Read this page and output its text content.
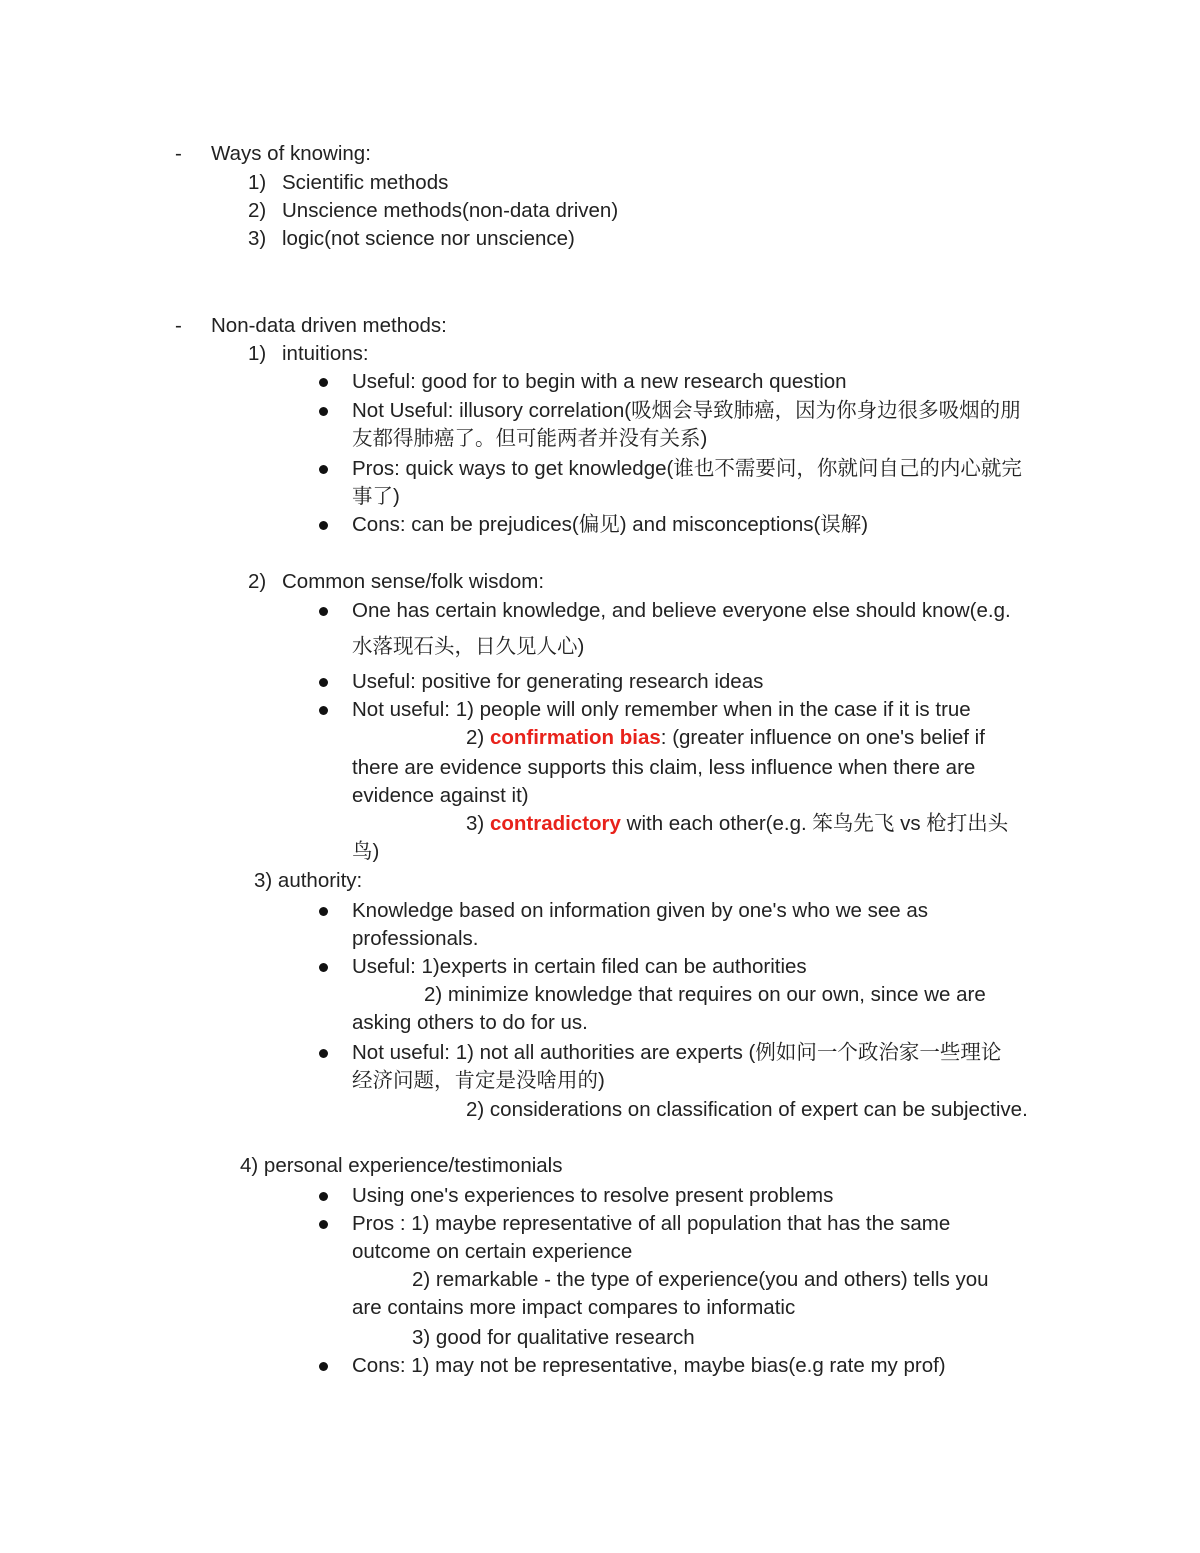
- Ways of knowing:
1) Scientific methods
2) Unscience methods(non-data driven)
3) logic(not science nor unscience)
- Non-data driven methods:
1) intuitions:
Useful: good for to begin with a new research question
Not Useful: illusory correlation(吸烟会导致肺癌，因为你身边很多吸烟的朋
友都得肺癌了。但可能两者并没有关系)
Pros: quick ways to get knowledge(谁也不需要问，你就问自己的内心就完
事了)
Cons: can be prejudices(偏见) and misconceptions(误解)
2) Common sense/folk wisdom:
One has certain knowledge, and believe everyone else should know(e.g.
水落现石头，日久见人心)
Useful: positive for generating research ideas
Not useful: 1) people will only remember when in the case if it is true
2) confirmation bias: (greater influence on one's belief if
there are evidence supports this claim, less influence when there are
evidence against it)
3) contradictory with each other(e.g. 笨鸟先飞 vs 枪打出头
鸟)
3) authority:
Knowledge based on information given by one's who we see as
professionals.
Useful: 1)experts in certain filed can be authorities
2) minimize knowledge that requires on our own, since we are
asking others to do for us.
Not useful: 1) not all authorities are experts (例如问一个政治家一些理论
经济问题，肯定是没啥用的)
2) considerations on classification of expert can be subjective.
4) personal experience/testimonials
Using one's experiences to resolve present problems
Pros : 1) maybe representative of all population that has the same
outcome on certain experience
2) remarkable - the type of experience(you and others) tells you
are contains more impact compares to informatic
3) good for qualitative research
Cons: 1) may not be representative, maybe bias(e.g rate my prof)
